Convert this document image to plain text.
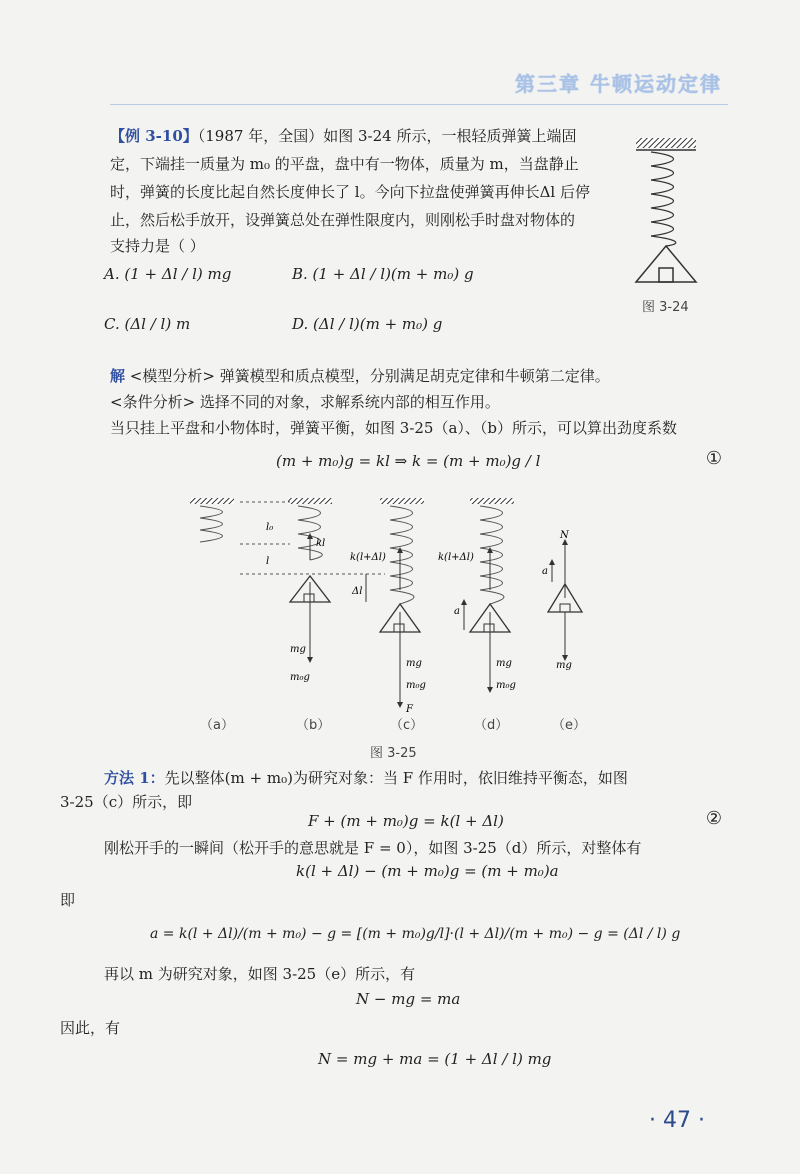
第三章 牛顿运动定律
【例 3-10】（1987 年，全国）如图 3-24 所示，一根轻质弹簧上端固
定，下端挂一质量为 m₀ 的平盘，盘中有一物体，质量为 m，当盘静止
时，弹簧的长度比起自然长度伸长了 l。今向下拉盘使弹簧再伸长Δl 后停
止，然后松手放开，设弹簧总处在弹性限度内，则刚松手时盘对物体的
支持力是（ ）
A. (1 + Δl / l) mg	B. (1 + Δl / l)(m + m₀) g
C. (Δl / l) m	D. (Δl / l)(m + m₀) g
图 3-24
解 <模型分析> 弹簧模型和质点模型，分别满足胡克定律和牛顿第二定律。
<条件分析> 选择不同的对象，求解系统内部的相互作用。
当只挂上平盘和小物体时，弹簧平衡，如图 3-25（a）、（b）所示，可以算出劲度系数
(m + m₀)g = kl ⇒ k = (m + m₀)g / l	①
kl
l₀
l
mg
m₀g
k(l+Δl)
Δl
mg
m₀g
F
k(l+Δl)
a
mg
m₀g
N
a
mg
（a）	（b）	（c）	（d）	（e）
图 3-25
方法 1：先以整体(m + m₀)为研究对象：当 F 作用时，依旧维持平衡态，如图
3-25（c）所示，即
F + (m + m₀)g = k(l + Δl)	②
刚松开手的一瞬间（松开手的意思就是 F = 0），如图 3-25（d）所示，对整体有
k(l + Δl) − (m + m₀)g = (m + m₀)a
即
a = k(l + Δl)/(m + m₀) − g = [(m + m₀)g/l]·(l + Δl)/(m + m₀) − g = (Δl / l) g
再以 m 为研究对象，如图 3-25（e）所示，有
N − mg = ma
因此，有
N = mg + ma = (1 + Δl / l) mg
· 47 ·
